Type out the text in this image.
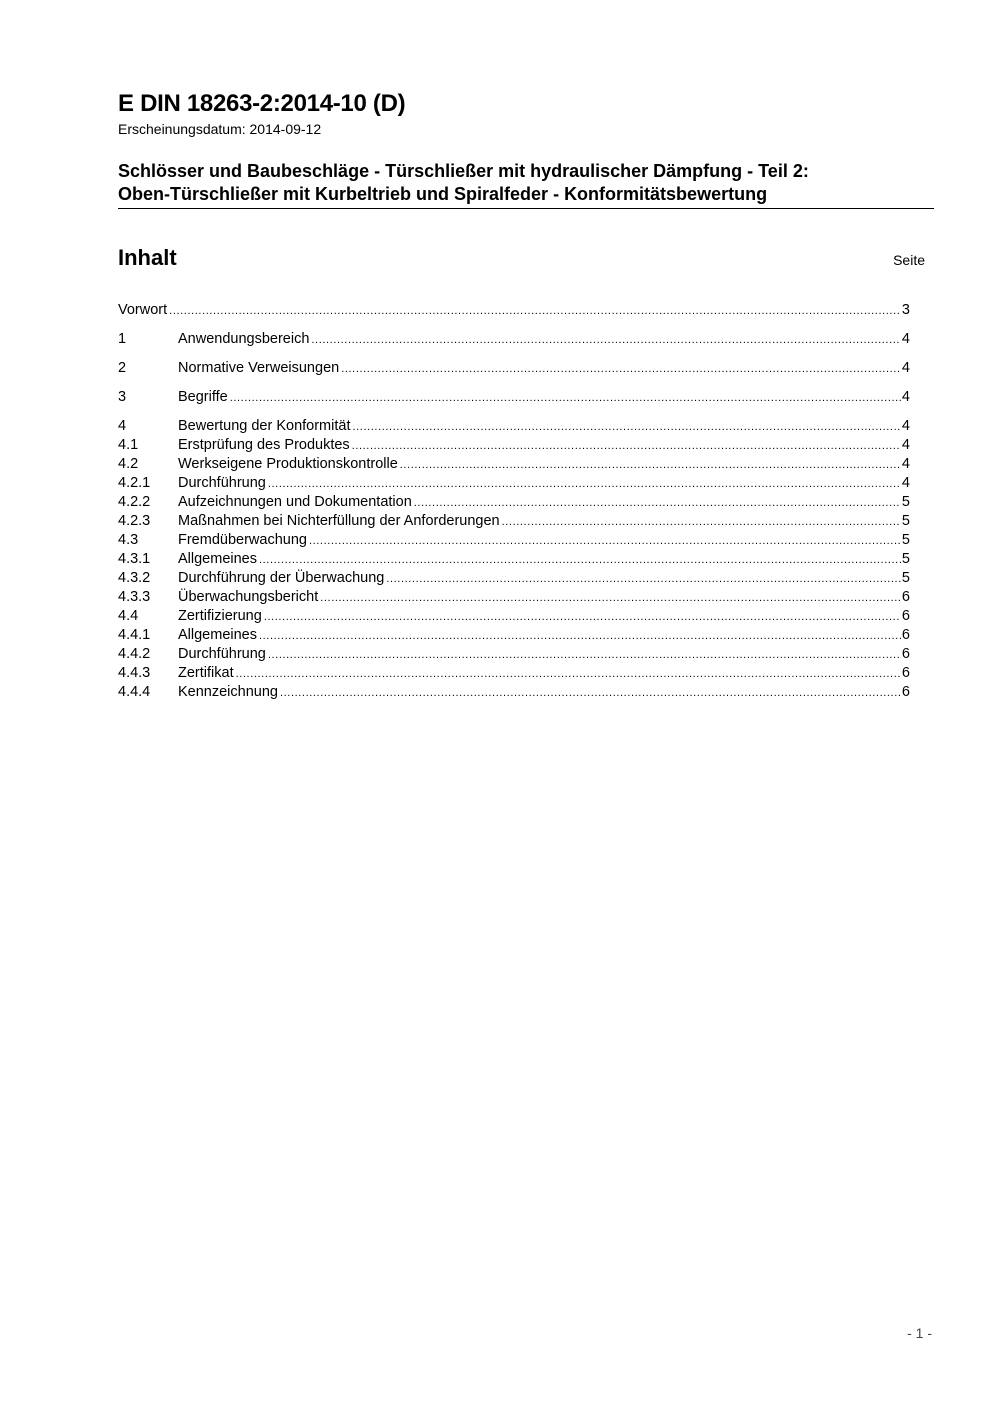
E DIN 18263-2:2014-10 (D)

Erscheinungsdatum: 2014-09-12

Schlösser und Baubeschläge - Türschließer mit hydraulischer Dämpfung - Teil 2:

Oben-Türschließer mit Kurbeltrieb und Spiralfeder - Konformitätsbewertung

Inhalt	Seite

Vorwort .....	3
1	Anwendungsbereich .....	4
2	Normative Verweisungen .....	4
3	Begriffe .....	4
4	Bewertung der Konformität .....	4
4.1	Erstprüfung des Produktes .....	4
4.2	Werkseigene Produktionskontrolle .....	4
4.2.1	Durchführung .....	4
4.2.2	Aufzeichnungen und Dokumentation .....	5
4.2.3	Maßnahmen bei Nichterfüllung der Anforderungen .....	5
4.3	Fremdüberwachung .....	5
4.3.1	Allgemeines .....	5
4.3.2	Durchführung der Überwachung .....	5
4.3.3	Überwachungsbericht .....	6
4.4	Zertifizierung .....	6
4.4.1	Allgemeines .....	6
4.4.2	Durchführung .....	6
4.4.3	Zertifikat .....	6
4.4.4	Kennzeichnung .....	6

- 1 -
